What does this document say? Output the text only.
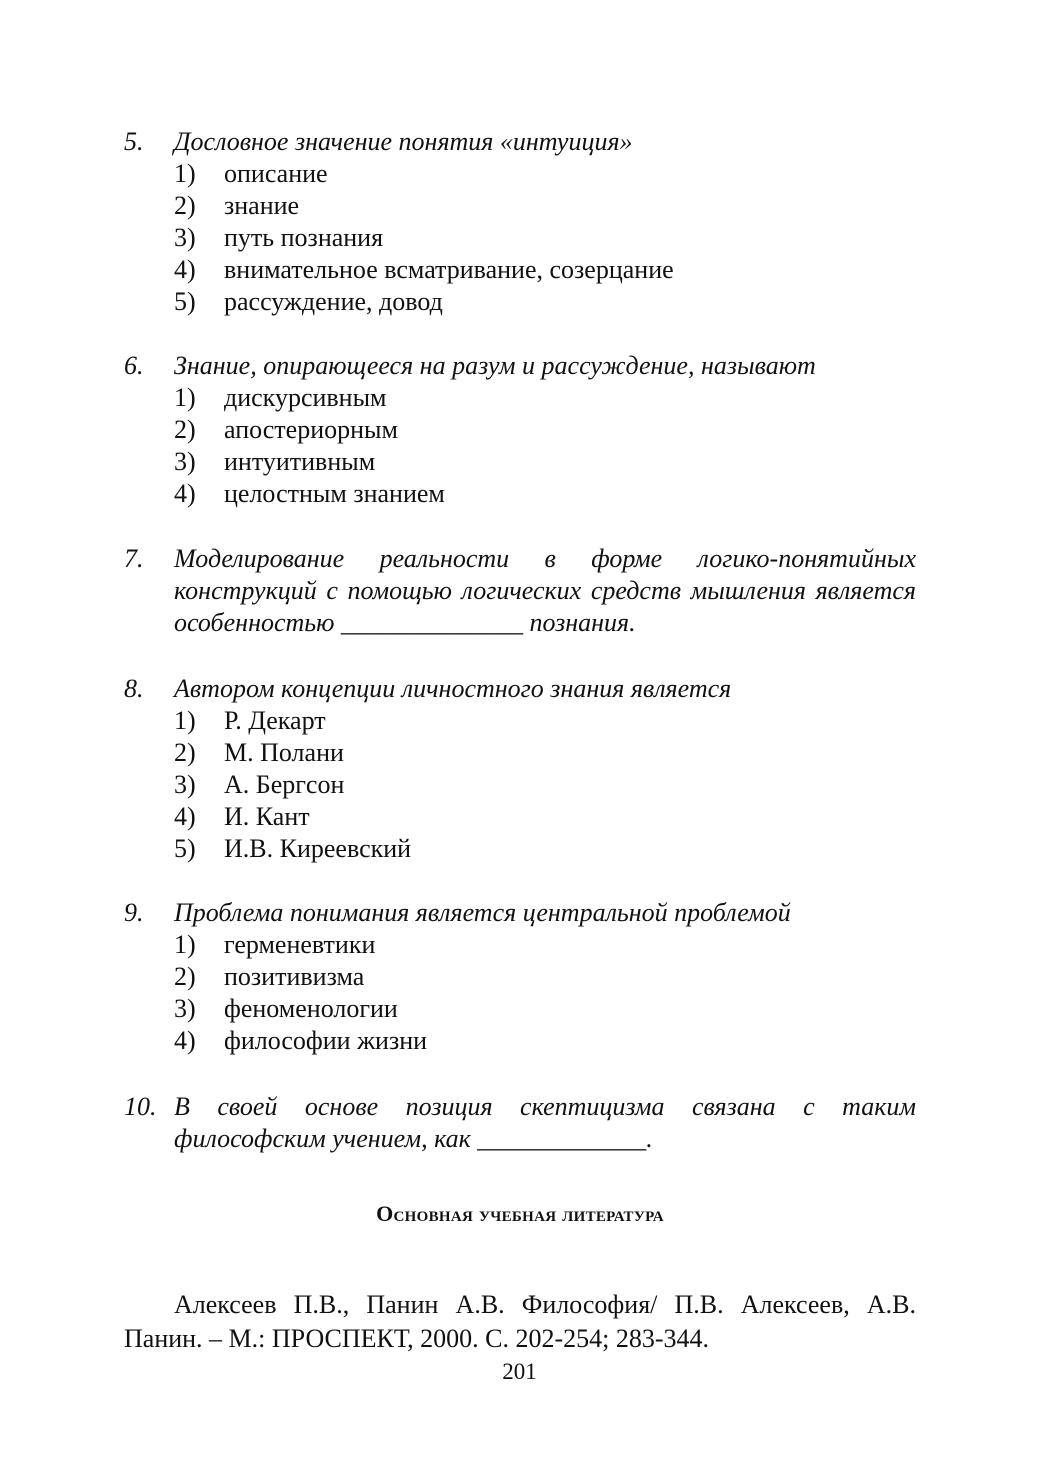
5.	Дословное значение понятия «интуиция»
1)	описание
2)	знание
3)	путь познания
4)	внимательное всматривание, созерцание
5)	рассуждение, довод
6.	Знание, опирающееся на разум и рассуждение, называют
1)	дискурсивным
2)	апостериорным
3)	интуитивным
4)	целостным знанием
7.	Моделирование реальности в форме логико-понятийных конструкций с помощью логических средств мышления является особенностью ______________ познания.
8.	Автором концепции личностного знания является
1)	Р. Декарт
2)	М. Полани
3)	А. Бергсон
4)	И. Кант
5)	И.В. Киреевский
9.	Проблема понимания является центральной проблемой
1)	герменевтики
2)	позитивизма
3)	феноменологии
4)	философии жизни
10. В своей основе позиция скептицизма связана с таким философским учением, как _____________.
Основная учебная литература

Алексеев П.В., Панин А.В. Философия/ П.В. Алексеев, А.В. Панин. – М.: ПРОСПЕКТ, 2000. С. 202-254; 283-344.

201
